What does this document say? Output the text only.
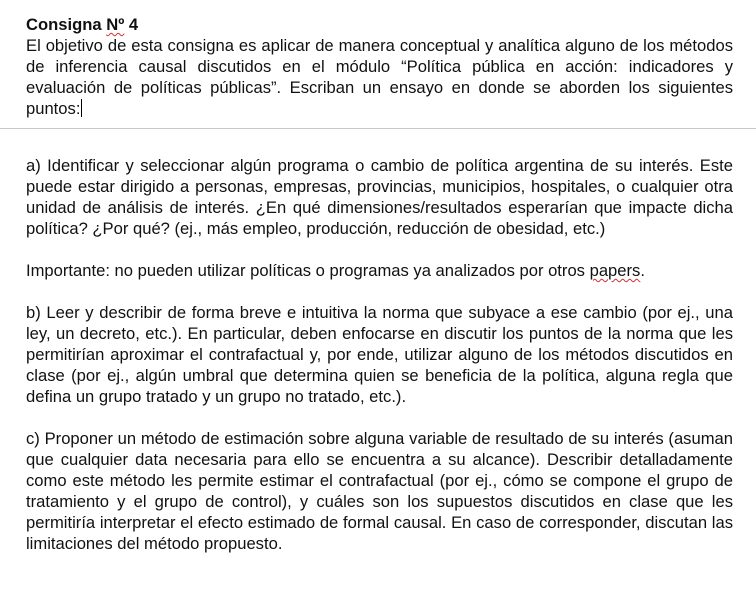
Consigna Nº 4

El objetivo de esta consigna es aplicar de manera conceptual y analítica alguno de los métodos de inferencia causal discutidos en el módulo “Política pública en acción: indicadores y evaluación de políticas públicas”. Escriban un ensayo en donde se aborden los siguientes puntos:

a) Identificar y seleccionar algún programa o cambio de política argentina de su interés. Este puede estar dirigido a personas, empresas, provincias, municipios, hospitales, o cualquier otra unidad de análisis de interés. ¿En qué dimensiones/resultados esperarían que impacte dicha política? ¿Por qué? (ej., más empleo, producción, reducción de obesidad, etc.)

Importante: no pueden utilizar políticas o programas ya analizados por otros papers.

b) Leer y describir de forma breve e intuitiva la norma que subyace a ese cambio (por ej., una ley, un decreto, etc.). En particular, deben enfocarse en discutir los puntos de la norma que les permitirían aproximar el contrafactual y, por ende, utilizar alguno de los métodos discutidos en clase (por ej., algún umbral que determina quien se beneficia de la política, alguna regla que defina un grupo tratado y un grupo no tratado, etc.).

c) Proponer un método de estimación sobre alguna variable de resultado de su interés (asuman que cualquier data necesaria para ello se encuentra a su alcance). Describir detalladamente como este método les permite estimar el contrafactual (por ej., cómo se compone el grupo de tratamiento y el grupo de control), y cuáles son los supuestos discutidos en clase que les permitiría interpretar el efecto estimado de formal causal. En caso de corresponder, discutan las limitaciones del método propuesto.
